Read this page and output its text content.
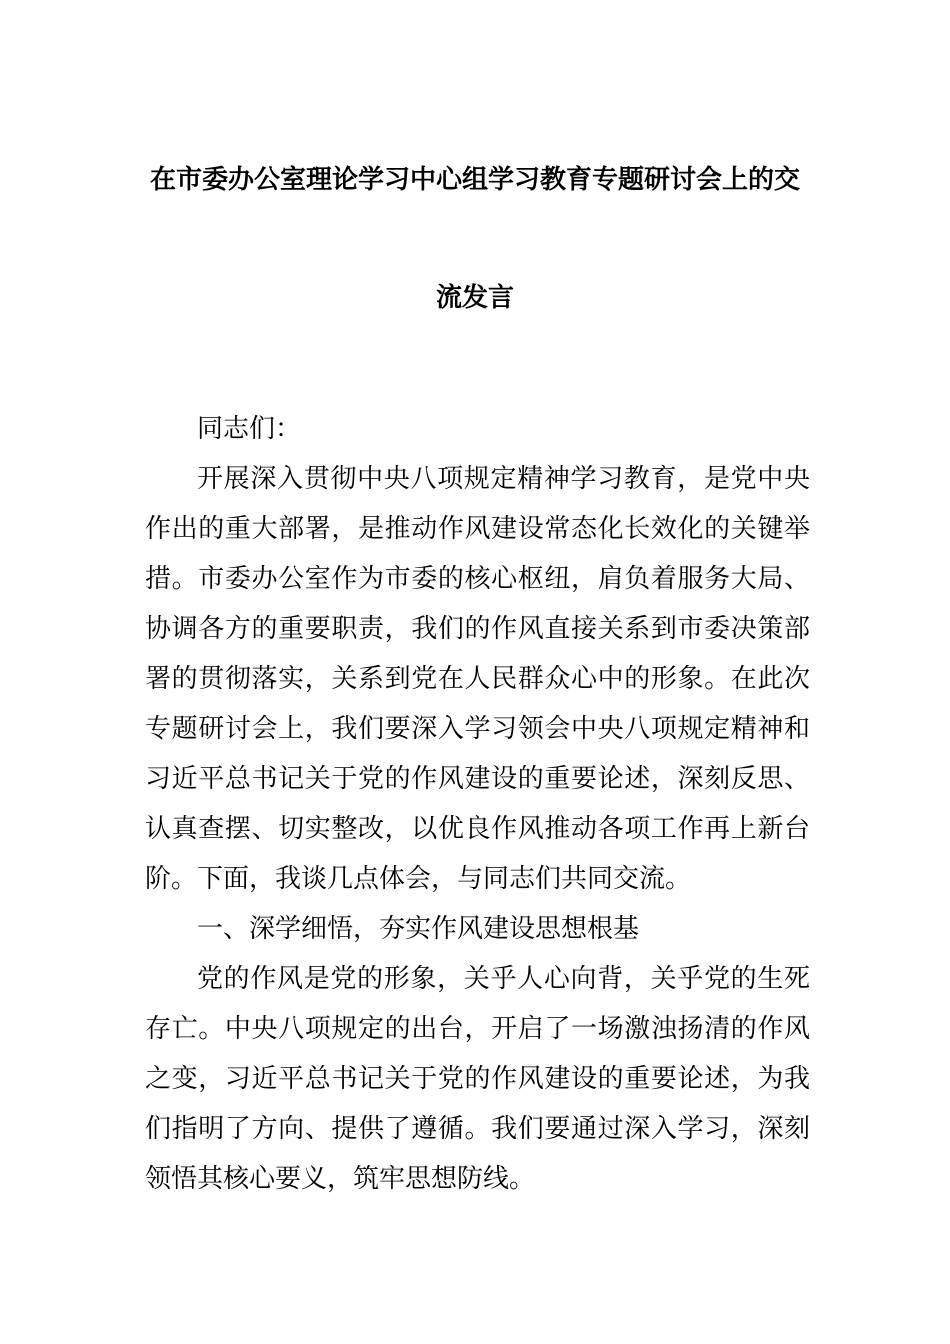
在市委办公室理论学习中心组学习教育专题研讨会上的交
流发言

同志们：

开展深入贯彻中央八项规定精神学习教育，是党中央作出的重大部署，是推动作风建设常态化长效化的关键举措。市委办公室作为市委的核心枢纽，肩负着服务大局、协调各方的重要职责，我们的作风直接关系到市委决策部署的贯彻落实，关系到党在人民群众心中的形象。在此次专题研讨会上，我们要深入学习领会中央八项规定精神和习近平总书记关于党的作风建设的重要论述，深刻反思、认真查摆、切实整改，以优良作风推动各项工作再上新台阶。下面，我谈几点体会，与同志们共同交流。

一、深学细悟，夯实作风建设思想根基

党的作风是党的形象，关乎人心向背，关乎党的生死存亡。中央八项规定的出台，开启了一场激浊扬清的作风之变，习近平总书记关于党的作风建设的重要论述，为我们指明了方向、提供了遵循。我们要通过深入学习，深刻领悟其核心要义，筑牢思想防线。
